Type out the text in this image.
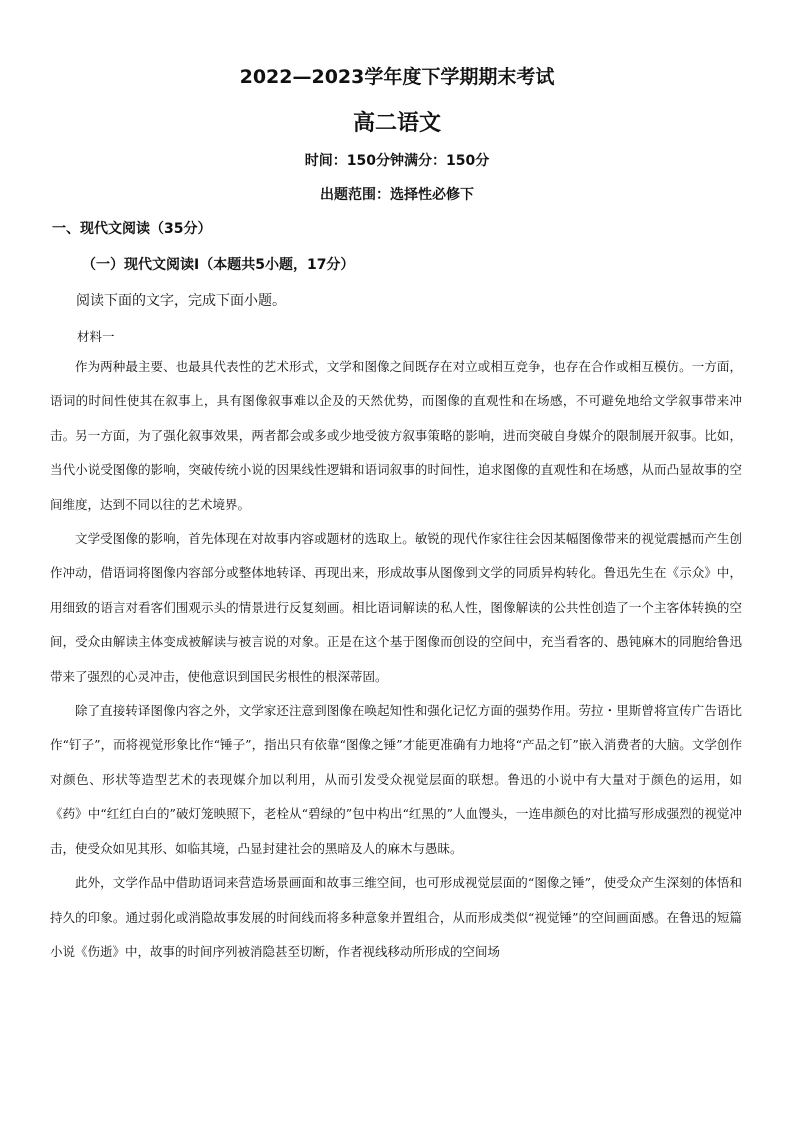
2022—2023学年度下学期期末考试
高二语文
时间：150分钟满分：150分
出题范围：选择性必修下
一、现代文阅读（35分）
（一）现代文阅读Ⅰ（本题共5小题，17分）
阅读下面的文字，完成下面小题。
材料一

作为两种最主要、也最具代表性的艺术形式，文学和图像之间既存在对立或相互竞争，也存在合作或相互模仿。一方面，语词的时间性使其在叙事上，具有图像叙事难以企及的天然优势，而图像的直观性和在场感，不可避免地给文学叙事带来冲击。另一方面，为了强化叙事效果，两者都会或多或少地受彼方叙事策略的影响，进而突破自身媒介的限制展开叙事。比如，当代小说受图像的影响，突破传统小说的因果线性逻辑和语词叙事的时间性，追求图像的直观性和在场感，从而凸显故事的空间维度，达到不同以往的艺术境界。

文学受图像的影响，首先体现在对故事内容或题材的选取上。敏锐的现代作家往往会因某幅图像带来的视觉震撼而产生创作冲动，借语词将图像内容部分或整体地转译、再现出来，形成故事从图像到文学的同质异构转化。鲁迅先生在《示众》中，用细致的语言对看客们围观示头的情景进行反复刻画。相比语词解读的私人性，图像解读的公共性创造了一个主客体转换的空间，受众由解读主体变成被解读与被言说的对象。正是在这个基于图像而创设的空间中，充当看客的、愚钝麻木的同胞给鲁迅带来了强烈的心灵冲击，使他意识到国民劣根性的根深蒂固。

除了直接转译图像内容之外，文学家还注意到图像在唤起知性和强化记忆方面的强势作用。劳拉・里斯曾将宣传广告语比作“钉子”，而将视觉形象比作“锤子”，指出只有依靠“图像之锤”才能更准确有力地将“产品之钉”嵌入消费者的大脑。文学创作对颜色、形状等造型艺术的表现媒介加以利用，从而引发受众视觉层面的联想。鲁迅的小说中有大量对于颜色的运用，如《药》中“红红白白的”破灯笼映照下，老栓从“碧绿的”包中构出“红黑的”人血馒头，一连串颜色的对比描写形成强烈的视觉冲击，使受众如见其形、如临其境，凸显封建社会的黑暗及人的麻木与愚昧。

此外，文学作品中借助语词来营造场景画面和故事三维空间，也可形成视觉层面的“图像之锤”，使受众产生深刻的体悟和持久的印象。通过弱化或消隐故事发展的时间线而将多种意象并置组合，从而形成类似“视觉锤”的空间画面感。在鲁迅的短篇小说《伤逝》中，故事的时间序列被消隐甚至切断，作者视线移动所形成的空间场
